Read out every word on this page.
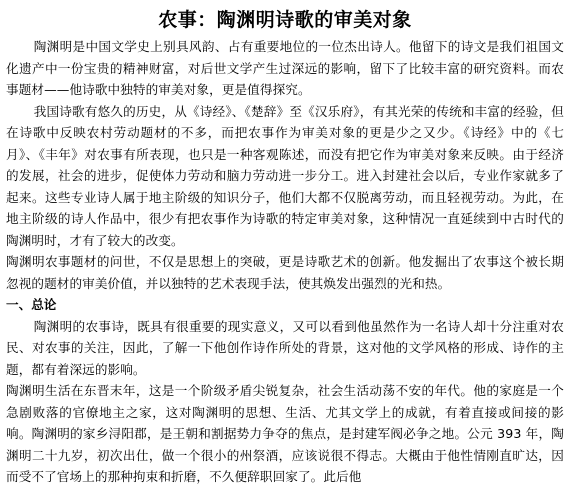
农事：陶渊明诗歌的审美对象

陶渊明是中国文学史上别具风韵、占有重要地位的一位杰出诗人。他留下的诗文是我们祖国文化遗产中一份宝贵的精神财富，对后世文学产生过深远的影响，留下了比较丰富的研究资料。而农事题材——他诗歌中独特的审美对象，更是值得探究。

我国诗歌有悠久的历史，从《诗经》、《楚辞》至《汉乐府》，有其光荣的传统和丰富的经验，但在诗歌中反映农村劳动题材的不多，而把农事作为审美对象的更是少之又少。《诗经》中的《七月》、《丰年》对农事有所表现，也只是一种客观陈述，而没有把它作为审美对象来反映。由于经济的发展，社会的进步，促使体力劳动和脑力劳动进一步分工。进入封建社会以后，专业作家就多了起来。这些专业诗人属于地主阶级的知识分子，他们大都不仅脱离劳动，而且轻视劳动。为此，在地主阶级的诗人作品中，很少有把农事作为诗歌的特定审美对象，这种情况一直延续到中古时代的陶渊明时，才有了较大的改变。

陶渊明农事题材的问世，不仅是思想上的突破，更是诗歌艺术的创新。他发掘出了农事这个被长期忽视的题材的审美价值，并以独特的艺术表现手法，使其焕发出强烈的光和热。

一、总论

陶渊明的农事诗，既具有很重要的现实意义，又可以看到他虽然作为一名诗人却十分注重对农民、对农事的关注，因此，了解一下他创作诗作所处的背景，这对他的文学风格的形成、诗作的主题，都有着深远的影响。

陶渊明生活在东晋末年，这是一个阶级矛盾尖锐复杂，社会生活动荡不安的年代。他的家庭是一个急剧败落的官僚地主之家，这对陶渊明的思想、生活、尤其文学上的成就，有着直接或间接的影响。陶渊明的家乡浔阳郡，是王朝和割据势力争夺的焦点，是封建军阀必争之地。公元 393 年，陶渊明二十九岁，初次出仕，做一个很小的州祭酒，应该说很不得志。大概由于他性情刚直旷达，因而受不了官场上的那种拘束和折磨，不久便辞职回家了。此后他
